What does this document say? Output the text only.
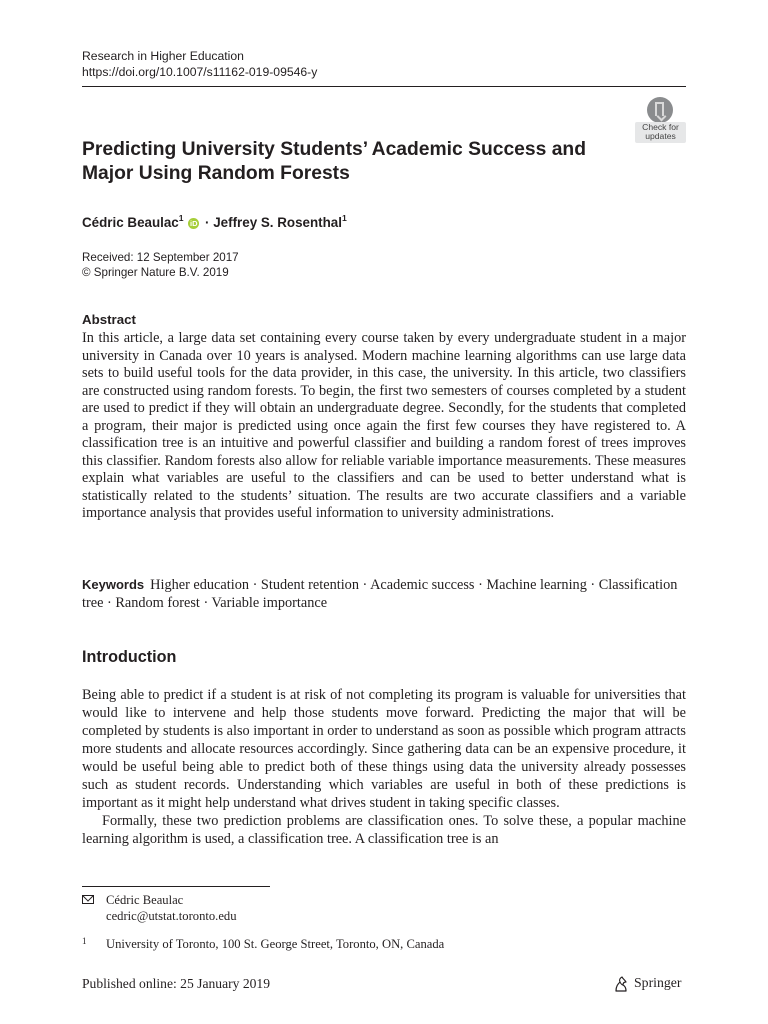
Research in Higher Education
https://doi.org/10.1007/s11162-019-09546-y
Check for
updates
Predicting University Students’ Academic Success and Major Using Random Forests
Cédric Beaulac$^1$ iD · Jeffrey S. Rosenthal$^1$
Received: 12 September 2017
© Springer Nature B.V. 2019
Abstract
In this article, a large data set containing every course taken by every undergraduate student in a major university in Canada over 10 years is analysed. Modern machine learning algorithms can use large data sets to build useful tools for the data provider, in this case, the university. In this article, two classifiers are constructed using random forests. To begin, the first two semesters of courses completed by a student are used to predict if they will obtain an undergraduate degree. Secondly, for the students that completed a program, their major is predicted using once again the first few courses they have registered to. A classification tree is an intuitive and powerful classifier and building a random forest of trees improves this classifier. Random forests also allow for reliable variable importance measurements. These measures explain what variables are useful to the classifiers and can be used to better understand what is statistically related to the students’ situation. The results are two accurate classifiers and a variable importance analysis that provides useful information to university administrations.
Keywords Higher education · Student retention · Academic success · Machine learning · Classification tree · Random forest · Variable importance
Introduction

Being able to predict if a student is at risk of not completing its program is valuable for universities that would like to intervene and help those students move forward. Predicting the major that will be completed by students is also important in order to understand as soon as possible which program attracts more students and allocate resources accordingly. Since gathering data can be an expensive procedure, it would be useful being able to predict both of these things using data the university already possesses such as student records. Understanding which variables are useful in both of these predictions is important as it might help understand what drives student in taking specific classes.

Formally, these two prediction problems are classification ones. To solve these, a popular machine learning algorithm is used, a classification tree. A classification tree is an

Cédric Beaulac
cedric@utstat.toronto.edu
1 University of Toronto, 100 St. George Street, Toronto, ON, Canada
Published online: 25 January 2019	Springer
